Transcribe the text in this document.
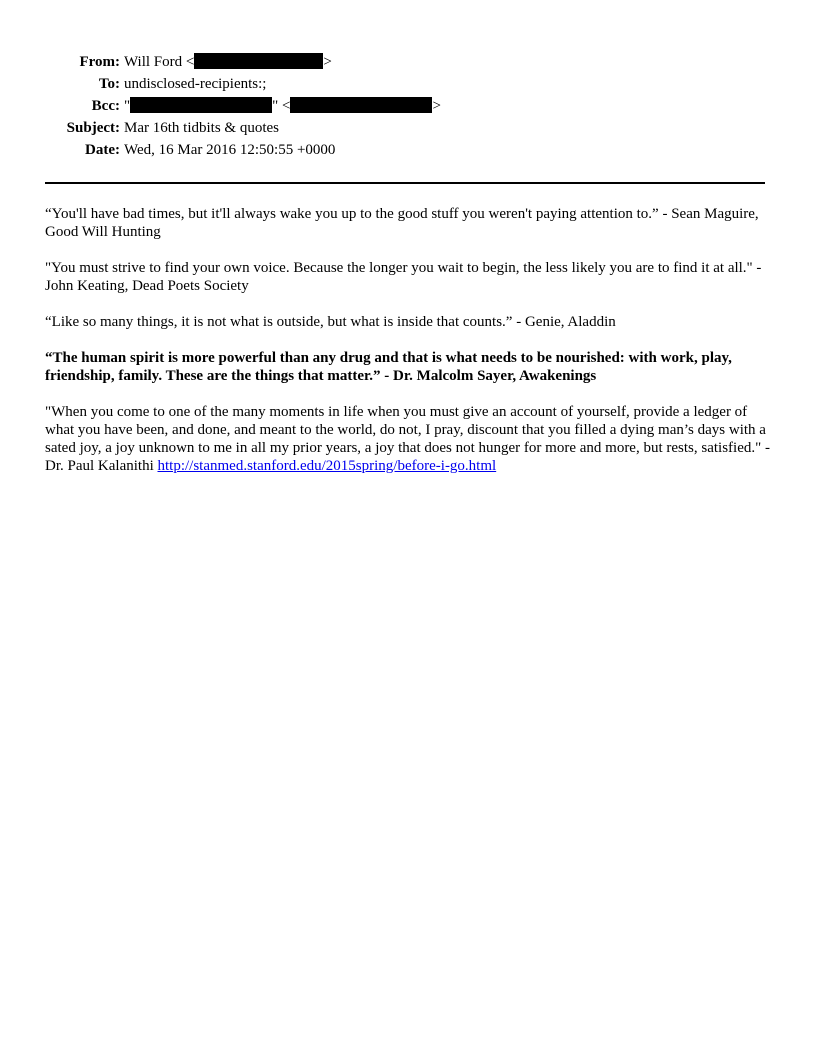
From: Will Ford <	>
To: undisclosed-recipients:;
Bcc: "	" <	>
Subject: Mar 16th tidbits & quotes
Date: Wed, 16 Mar 2016 12:50:55 +0000

“You'll have bad times, but it'll always wake you up to the good stuff you weren't paying attention to.” - Sean Maguire, Good Will Hunting

"You must strive to find your own voice. Because the longer you wait to begin, the less likely you are to find it at all." - John Keating, Dead Poets Society

“Like so many things, it is not what is outside, but what is inside that counts.” - Genie, Aladdin

“The human spirit is more powerful than any drug and that is what needs to be nourished: with work, play, friendship, family. These are the things that matter.” - Dr. Malcolm Sayer, Awakenings

"When you come to one of the many moments in life when you must give an account of yourself, provide a ledger of what you have been, and done, and meant to the world, do not, I pray, discount that you filled a dying man’s days with a sated joy, a joy unknown to me in all my prior years, a joy that does not hunger for more and more, but rests, satisfied." - Dr. Paul Kalanithi http://stanmed.stanford.edu/2015spring/before-i-go.html
